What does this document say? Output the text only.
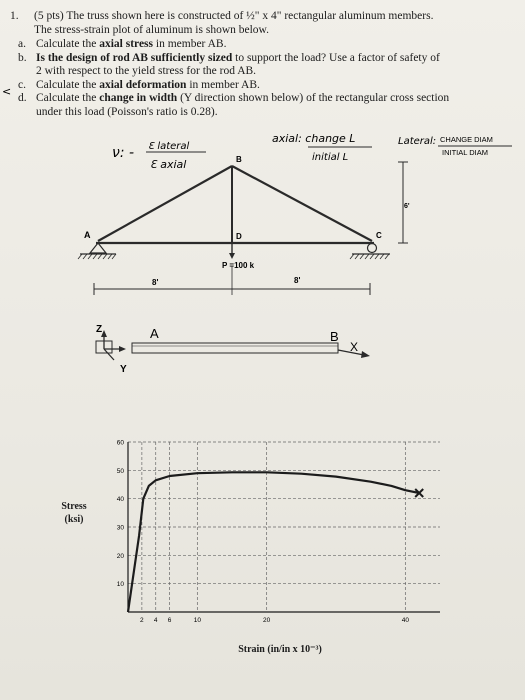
1.	(5 pts) The truss shown here is constructed of ½" x 4" rectangular aluminum members.
The stress-strain plot of aluminum is shown below.
a. Calculate the axial stress in member AB.
b. Is the design of rod AB sufficiently sized to support the load? Use a factor of safety of
2 with respect to the yield stress for the rod AB.
c. Calculate the axial deformation in member AB.
d. Calculate the change in width (Y direction shown below) of the rectangular cross section
under this load (Poisson's ratio is 0.28).
<
ν: - Ɛ lateral
Ɛ axial
axial: change L
initial L
Lateral: CHANGE DIAM
INITIAL DIAM
A
B
C
D
P =100 k
8'	8'
6'
Z
Y
A	B
X
10
20
30
40
50
60
2 4 6	10	20	40
Stress (ksi)
Strain (in/in x 10⁻³)
